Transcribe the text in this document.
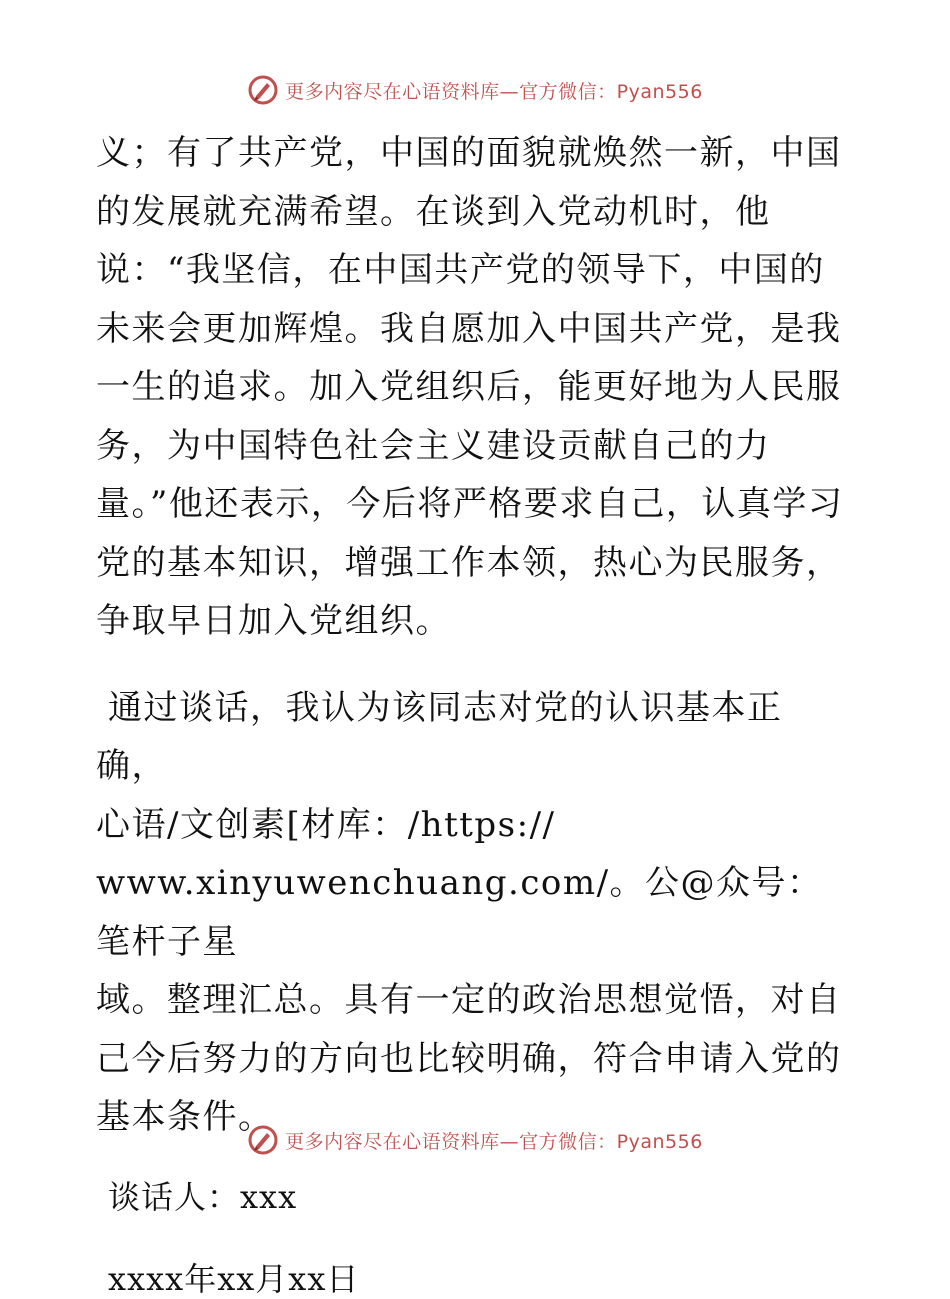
更多内容尽在心语资料库—官方微信：Pyan556

义；有了共产党，中国的面貌就焕然一新，中国的发展就充满希望。在谈到入党动机时，他说：“我坚信，在中国共产党的领导下，中国的未来会更加辉煌。我自愿加入中国共产党，是我一生的追求。加入党组织后，能更好地为人民服务，为中国特色社会主义建设贡献自己的力量。”他还表示，今后将严格要求自己，认真学习党的基本知识，增强工作本领，热心为民服务，争取早日加入党组织。

通过谈话，我认为该同志对党的认识基本正确，
心语/文创素[材库：/https://
www.xinyuwenchuang.com/。公@众号：笔杆子星
域。整理汇总。具有一定的政治思想觉悟，对自己今后努力的方向也比较明确，符合申请入党的基本条件。

谈话人：xxx

xxxx年xx月xx日

更多内容尽在心语资料库—官方微信：Pyan556
